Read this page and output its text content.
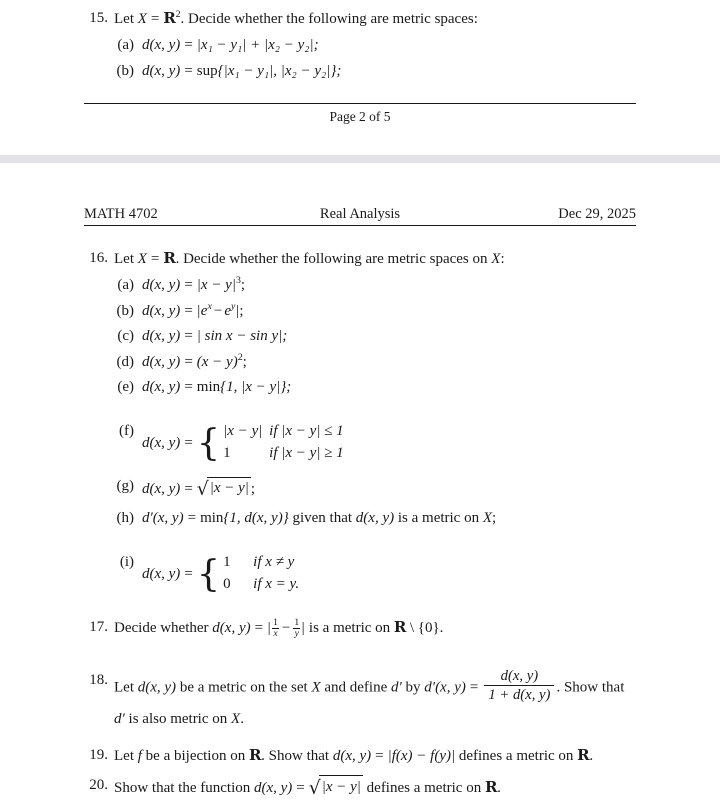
15. Let $X = R^2$. Decide whether the following are metric spaces:
(a) d(x, y) = |x₁ − y₁| + |x₂ − y₂|;
(b) d(x, y) = sup{|x₁ − y₁|, |x₂ − y₂|};
Page 2 of 5
MATH 4702	Real Analysis	Dec 29, 2025
16. Let X = R. Decide whether the following are metric spaces on X:
(a) d(x, $y) = |x - y|^3$;
(b) d(x, $y) = |e^x - e^y|$;
(c) d(x, y) = | sin x − sin y|;
(d) d(x, $y) = (x - y)^2$;
(e) d(x, y) = min{1, |x − y|};
(f)
d(x, y) = { |x − y| if |x − y| ≤ 1
1	if |x − y| ≥ 1
(g) d(x, y) = √|x − y| ;
(h) d′(x, y) = min{1, d(x, y)} given that d(x, y) is a metric on X;
(i)
d(x, y) = { 1 if x ≠ y
0 if x = y.
17. Decide whether d(x, y) = | $\frac{1}{x} - \frac{1}{y}$ | is a metric on R \ {0}.
18. Let d(x, y) be a metric on the set X and define d′ by d′(x, $y) = \frac{d(x, y)}{1 + d(x, y)}$ . Show that
d′ is also metric on X.
19. Let f be a bijection on R. Show that d(x, y) = |f(x) − f(y)| defines a metric on R.
20. Show that the function d(x, y) = √|x − y| defines a metric on R.
